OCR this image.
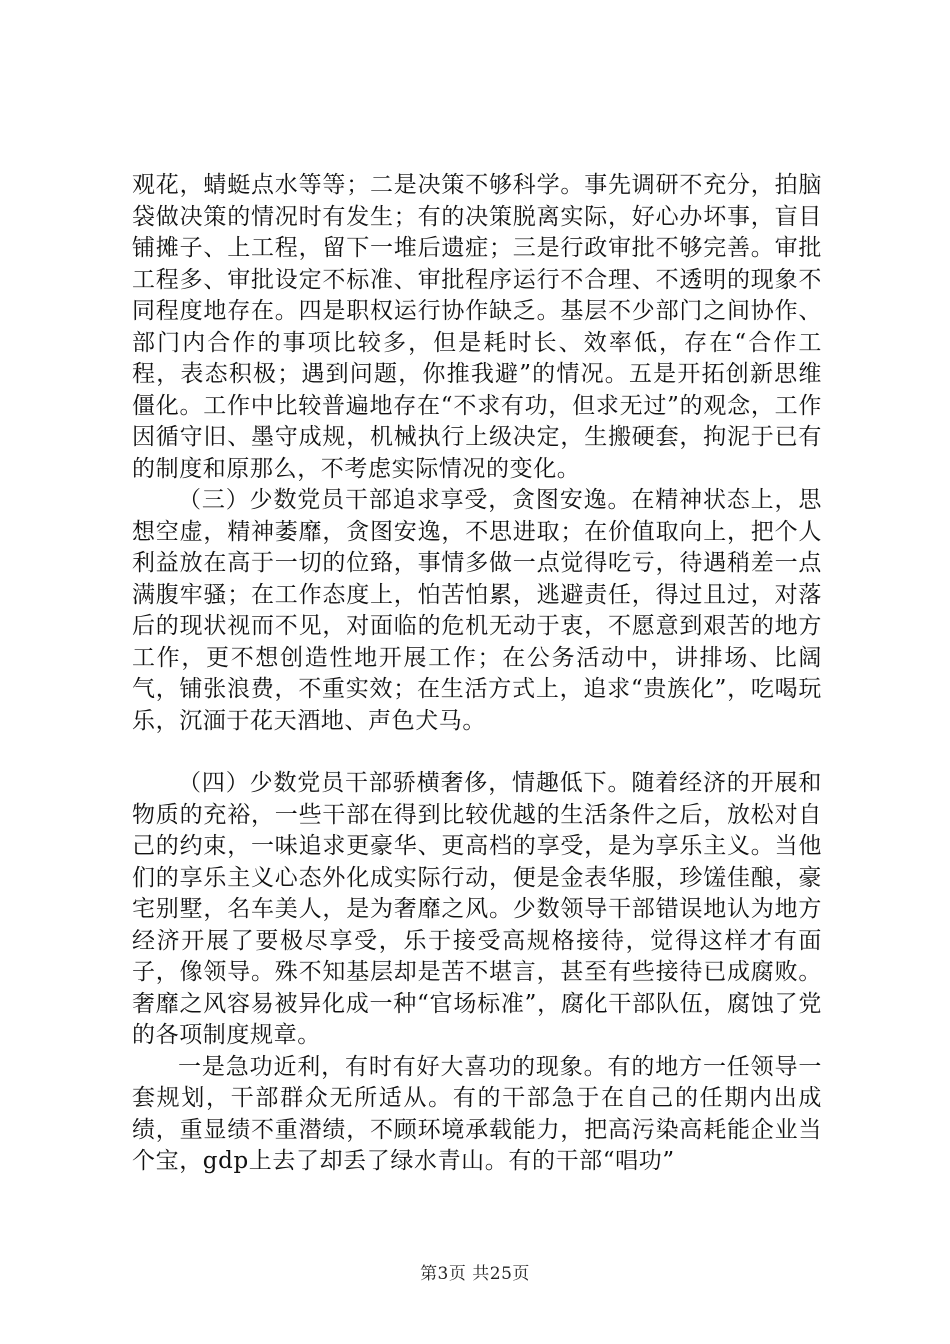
观花，蜻蜓点水等等；二是决策不够科学。事先调研不充分，拍脑袋做决策的情况时有发生；有的决策脱离实际，好心办坏事，盲目铺摊子、上工程，留下一堆后遗症；三是行政审批不够完善。审批工程多、审批设定不标准、审批程序运行不合理、不透明的现象不同程度地存在。四是职权运行协作缺乏。基层不少部门之间协作、部门内合作的事项比较多，但是耗时长、效率低，存在“合作工程，表态积极；遇到问题，你推我避”的情况。五是开拓创新思维僵化。工作中比较普遍地存在“不求有功，但求无过”的观念，工作因循守旧、墨守成规，机械执行上级决定，生搬硬套，拘泥于已有的制度和原那么，不考虑实际情况的变化。

（三）少数党员干部追求享受，贪图安逸。在精神状态上，思想空虚，精神萎靡，贪图安逸，不思进取；在价值取向上，把个人利益放在高于一切的位臵，事情多做一点觉得吃亏，待遇稍差一点满腹牢骚；在工作态度上，怕苦怕累，逃避责任，得过且过，对落后的现状视而不见，对面临的危机无动于衷，不愿意到艰苦的地方工作，更不想创造性地开展工作；在公务活动中，讲排场、比阔气，铺张浪费，不重实效；在生活方式上，追求“贵族化”，吃喝玩乐，沉湎于花天酒地、声色犬马。

（四）少数党员干部骄横奢侈，情趣低下。随着经济的开展和物质的充裕，一些干部在得到比较优越的生活条件之后，放松对自己的约束，一味追求更豪华、更高档的享受，是为享乐主义。当他们的享乐主义心态外化成实际行动，便是金表华服，珍馐佳酿，豪宅别墅，名车美人，是为奢靡之风。少数领导干部错误地认为地方经济开展了要极尽享受，乐于接受高规格接待，觉得这样才有面子，像领导。殊不知基层却是苦不堪言，甚至有些接待已成腐败。奢靡之风容易被异化成一种“官场标准”，腐化干部队伍，腐蚀了党的各项制度规章。

一是急功近利，有时有好大喜功的现象。有的地方一任领导一套规划，干部群众无所适从。有的干部急于在自己的任期内出成绩，重显绩不重潜绩，不顾环境承载能力，把高污染高耗能企业当个宝，gdp上去了却丢了绿水青山。有的干部“唱功”

第3页 共25页
